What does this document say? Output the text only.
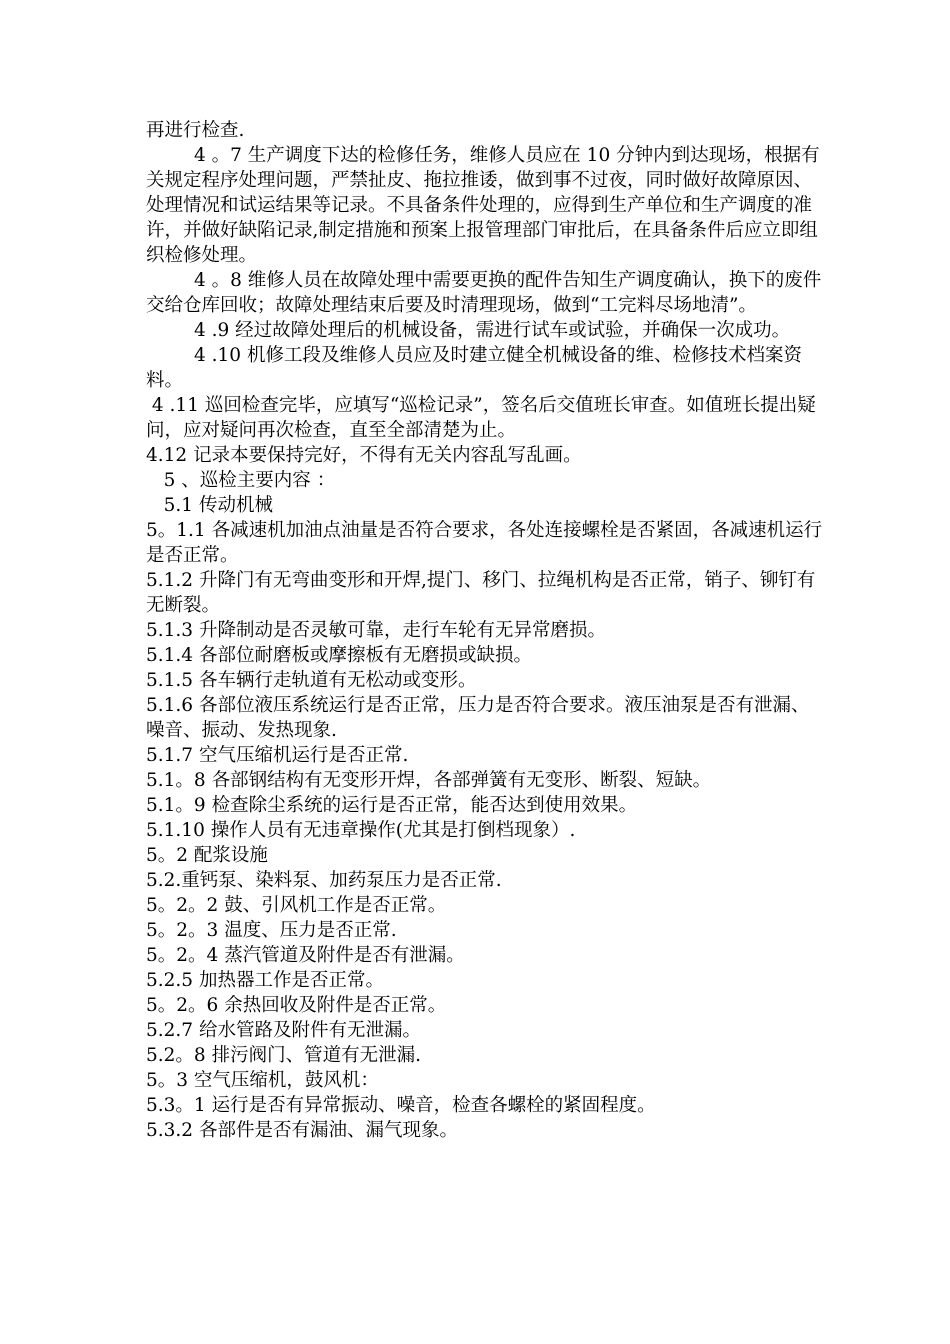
再进行检查.

4 。7 生产调度下达的检修任务，维修人员应在 10 分钟内到达现场，根据有关规定程序处理问题，严禁扯皮、拖拉推诿，做到事不过夜，同时做好故障原因、处理情况和试运结果等记录。不具备条件处理的，应得到生产单位和生产调度的准许，并做好缺陷记录,制定措施和预案上报管理部门审批后，在具备条件后应立即组织检修处理。

4 。8 维修人员在故障处理中需要更换的配件告知生产调度确认，换下的废件交给仓库回收；故障处理结束后要及时清理现场，做到“工完料尽场地清”。

4 .9 经过故障处理后的机械设备，需进行试车或试验，并确保一次成功。

4 .10 机修工段及维修人员应及时建立健全机械设备的维、检修技术档案资料。

4 .11 巡回检查完毕，应填写“巡检记录”，签名后交值班长审查。如值班长提出疑问，应对疑问再次检查，直至全部清楚为止。

4.12 记录本要保持完好，不得有无关内容乱写乱画。

5 、巡检主要内容 ：

5.1 传动机械

5。1.1 各减速机加油点油量是否符合要求，各处连接螺栓是否紧固，各减速机运行是否正常。

5.1.2 升降门有无弯曲变形和开焊,提门、移门、拉绳机构是否正常，销子、铆钉有无断裂。

5.1.3 升降制动是否灵敏可靠，走行车轮有无异常磨损。

5.1.4 各部位耐磨板或摩擦板有无磨损或缺损。

5.1.5 各车辆行走轨道有无松动或变形。

5.1.6 各部位液压系统运行是否正常，压力是否符合要求。液压油泵是否有泄漏、噪音、振动、发热现象.

5.1.7 空气压缩机运行是否正常.

5.1。8 各部钢结构有无变形开焊，各部弹簧有无变形、断裂、短缺。

5.1。9 检查除尘系统的运行是否正常，能否达到使用效果。

5.1.10 操作人员有无违章操作(尤其是打倒档现象）.

5。2 配浆设施

5.2.重钙泵、染料泵、加药泵压力是否正常.

5。2。2 鼓、引风机工作是否正常。

5。2。3 温度、压力是否正常.

5。2。4 蒸汽管道及附件是否有泄漏。

5.2.5 加热器工作是否正常。

5。2。6 余热回收及附件是否正常。

5.2.7 给水管路及附件有无泄漏。

5.2。8 排污阀门、管道有无泄漏.

5。3 空气压缩机，鼓风机：

5.3。1 运行是否有异常振动、噪音，检查各螺栓的紧固程度。

5.3.2 各部件是否有漏油、漏气现象。
